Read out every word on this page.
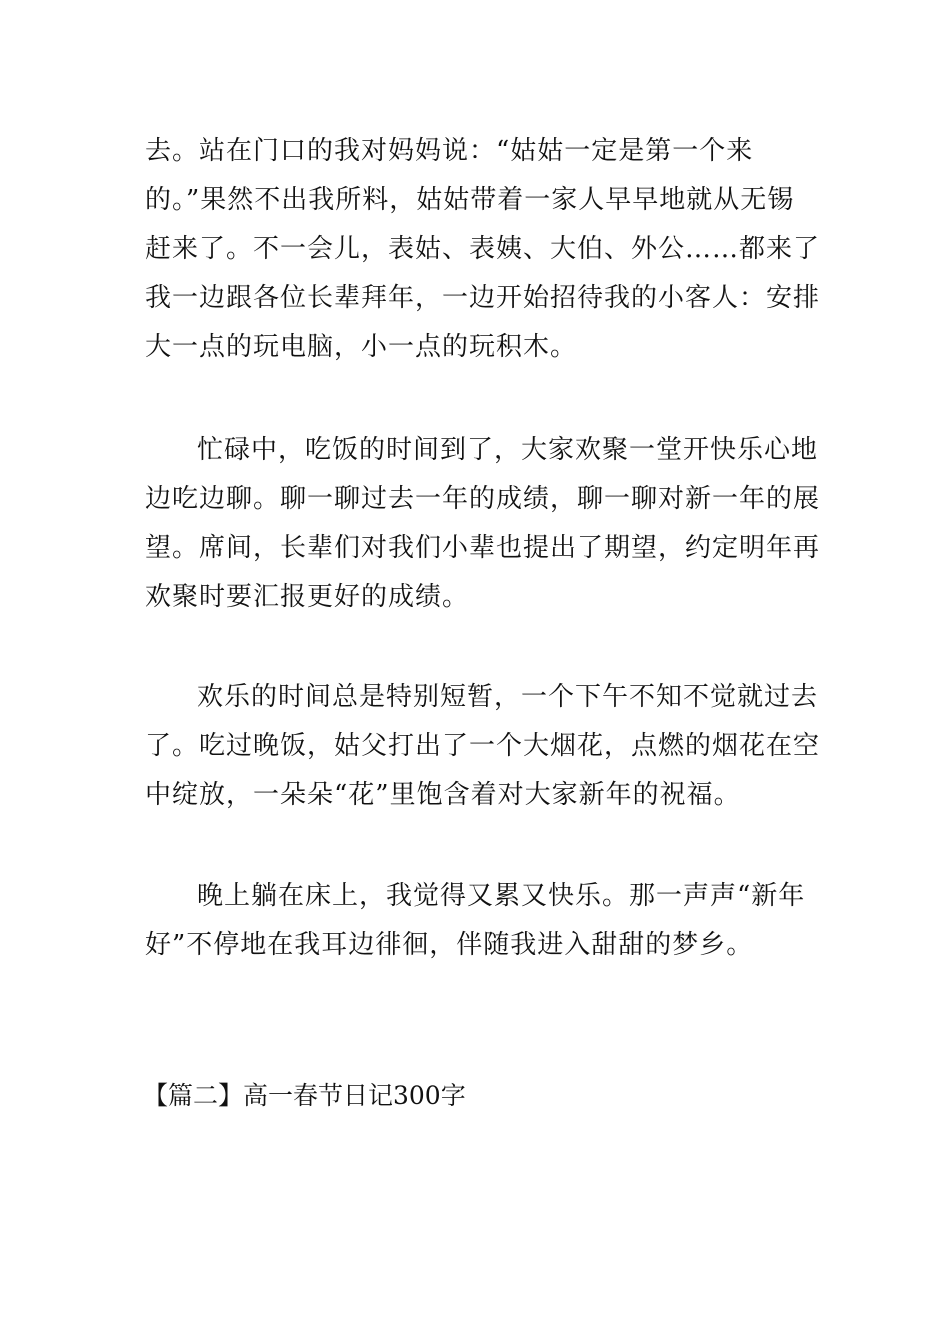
去。站在门口的我对妈妈说：“姑姑一定是第一个来
的。”果然不出我所料，姑姑带着一家人早早地就从无锡
赶来了。不一会儿，表姑、表姨、大伯、外公……都来了
我一边跟各位长辈拜年，一边开始招待我的小客人：安排
大一点的玩电脑，小一点的玩积木。
忙碌中，吃饭的时间到了，大家欢聚一堂开快乐心地
边吃边聊。聊一聊过去一年的成绩，聊一聊对新一年的展
望。席间，长辈们对我们小辈也提出了期望，约定明年再
欢聚时要汇报更好的成绩。
欢乐的时间总是特别短暂，一个下午不知不觉就过去
了。吃过晚饭，姑父打出了一个大烟花，点燃的烟花在空
中绽放，一朵朵“花”里饱含着对大家新年的祝福。
晚上躺在床上，我觉得又累又快乐。那一声声“新年
好”不停地在我耳边徘徊，伴随我进入甜甜的梦乡。
【篇二】高一春节日记300字
